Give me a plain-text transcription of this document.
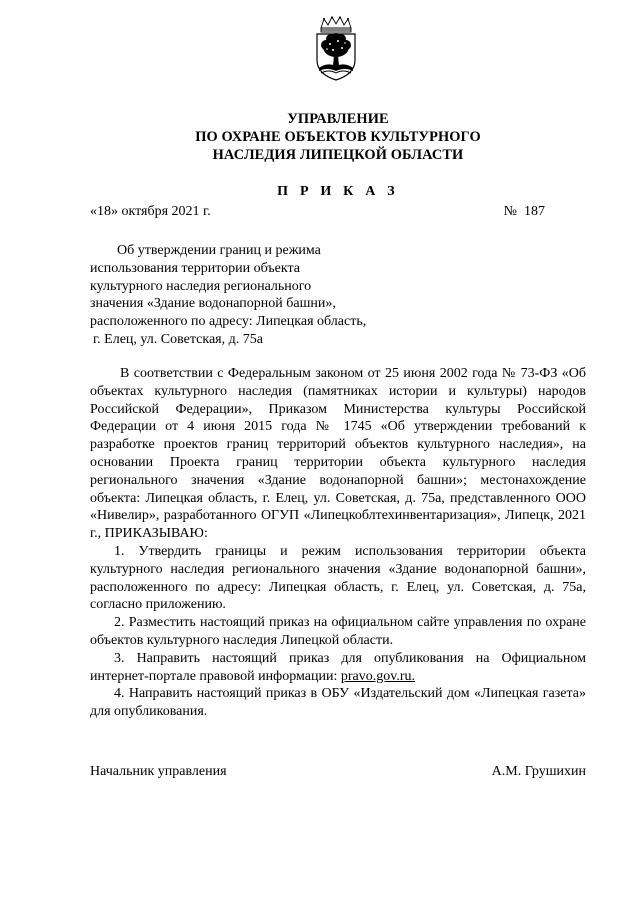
УПРАВЛЕНИЕ
ПО ОХРАНЕ ОБЪЕКТОВ КУЛЬТУРНОГО
НАСЛЕДИЯ ЛИПЕЦКОЙ ОБЛАСТИ
П Р И К А З
«18» октября 2021 г.	№  187
Об утверждении границ и режима
использования территории объекта
культурного наследия регионального
значения «Здание водонапорной башни»,
расположенного по адресу: Липецкая область,
г. Елец, ул. Советская, д. 75а

В соответствии с Федеральным законом от 25 июня 2002 года № 73-ФЗ «Об объектах культурного наследия (памятниках истории и культуры) народов Российской Федерации», Приказом Министерства культуры Российской Федерации от 4 июня 2015 года № 1745 «Об утверждении требований к разработке проектов границ территорий объектов культурного наследия», на основании Проекта границ территории объекта культурного наследия регионального значения «Здание водонапорной башни»; местонахождение объекта: Липецкая область, г. Елец, ул. Советская, д. 75а, представленного ООО «Нивелир», разработанного ОГУП «Липецкоблтехинвентаризация», Липецк, 2021 г., ПРИКАЗЫВАЮ:

1. Утвердить границы и режим использования территории объекта культурного наследия регионального значения «Здание водонапорной башни», расположенного по адресу: Липецкая область, г. Елец, ул. Советская, д. 75а, согласно приложению.

2. Разместить настоящий приказ на официальном сайте управления по охране объектов культурного наследия Липецкой области.

3. Направить настоящий приказ для опубликования на Официальном интернет-портале правовой информации: pravo.gov.ru.

4. Направить настоящий приказ в ОБУ «Издательский дом «Липецкая газета» для опубликования.

Начальник управления	А.М. Грушихин
